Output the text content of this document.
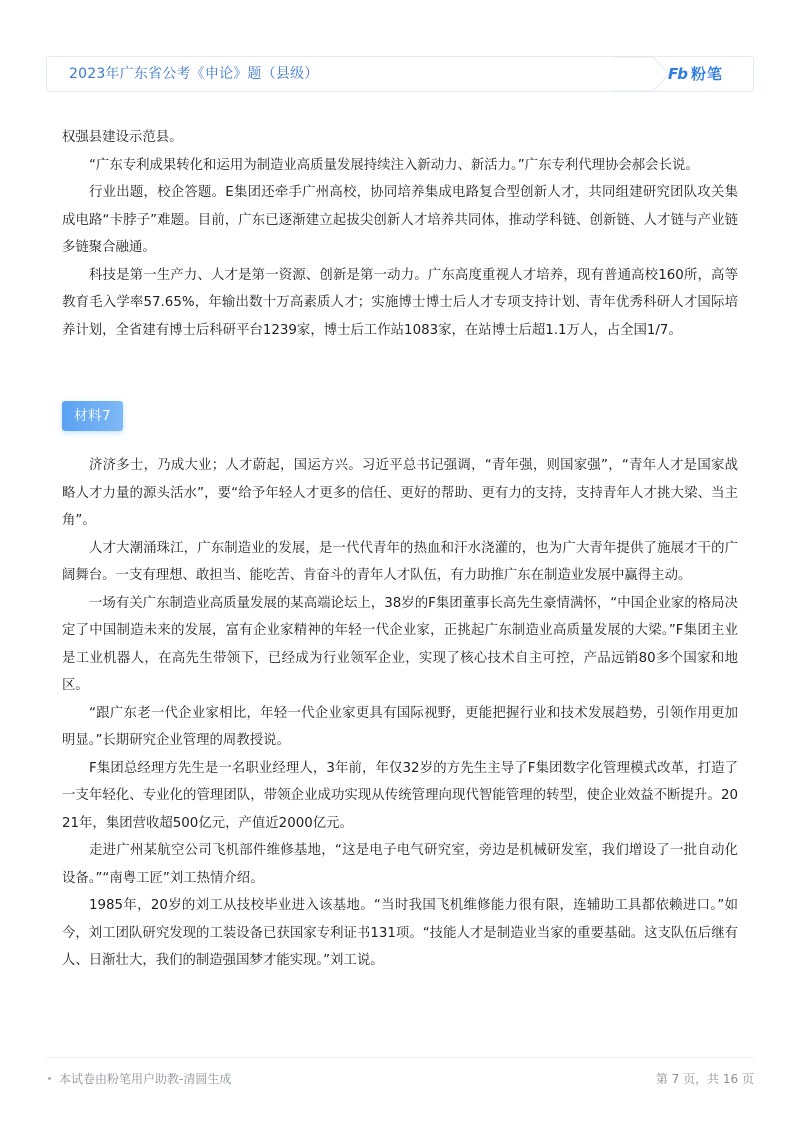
2023年广东省公考《申论》题（县级）	Fb 粉笔

权强县建设示范县。

“广东专利成果转化和运用为制造业高质量发展持续注入新动力、新活力。”广东专利代理协会郝会长说。

行业出题，校企答题。E集团还牵手广州高校，协同培养集成电路复合型创新人才，共同组建研究团队攻关集成电路“卡脖子”难题。目前，广东已逐渐建立起拔尖创新人才培养共同体，推动学科链、创新链、人才链与产业链多链聚合融通。

科技是第一生产力、人才是第一资源、创新是第一动力。广东高度重视人才培养，现有普通高校160所，高等教育毛入学率57.65%，年输出数十万高素质人才；实施博士博士后人才专项支持计划、青年优秀科研人才国际培养计划，全省建有博士后科研平台1239家，博士后工作站1083家，在站博士后超1.1万人，占全国1/7。

材料7

济济多士，乃成大业；人才蔚起，国运方兴。习近平总书记强调，“青年强，则国家强”，“青年人才是国家战略人才力量的源头活水”，要“给予年轻人才更多的信任、更好的帮助、更有力的支持，支持青年人才挑大梁、当主角”。

人才大潮涌珠江，广东制造业的发展，是一代代青年的热血和汗水浇灌的，也为广大青年提供了施展才干的广阔舞台。一支有理想、敢担当、能吃苦、肯奋斗的青年人才队伍，有力助推广东在制造业发展中赢得主动。

一场有关广东制造业高质量发展的某高端论坛上，38岁的F集团董事长高先生豪情满怀，“中国企业家的格局决定了中国制造未来的发展，富有企业家精神的年轻一代企业家，正挑起广东制造业高质量发展的大梁。”F集团主业是工业机器人，在高先生带领下，已经成为行业领军企业，实现了核心技术自主可控，产品远销80多个国家和地区。

“跟广东老一代企业家相比，年轻一代企业家更具有国际视野，更能把握行业和技术发展趋势，引领作用更加明显。”长期研究企业管理的周教授说。

F集团总经理方先生是一名职业经理人，3年前，年仅32岁的方先生主导了F集团数字化管理模式改革，打造了一支年轻化、专业化的管理团队，带领企业成功实现从传统管理向现代智能管理的转型，使企业效益不断提升。2021年，集团营收超500亿元，产值近2000亿元。

走进广州某航空公司飞机部件维修基地，“这是电子电气研究室，旁边是机械研发室，我们增设了一批自动化设备。”“南粤工匠”刘工热情介绍。

1985年，20岁的刘工从技校毕业进入该基地。“当时我国飞机维修能力很有限，连辅助工具都依赖进口。”如今，刘工团队研究发现的工装设备已获国家专利证书131项。“技能人才是制造业当家的重要基础。这支队伍后继有人、日渐壮大，我们的制造强国梦才能实现。”刘工说。

本试卷由粉笔用户助教-清圆生成	第 7 页，共 16 页
